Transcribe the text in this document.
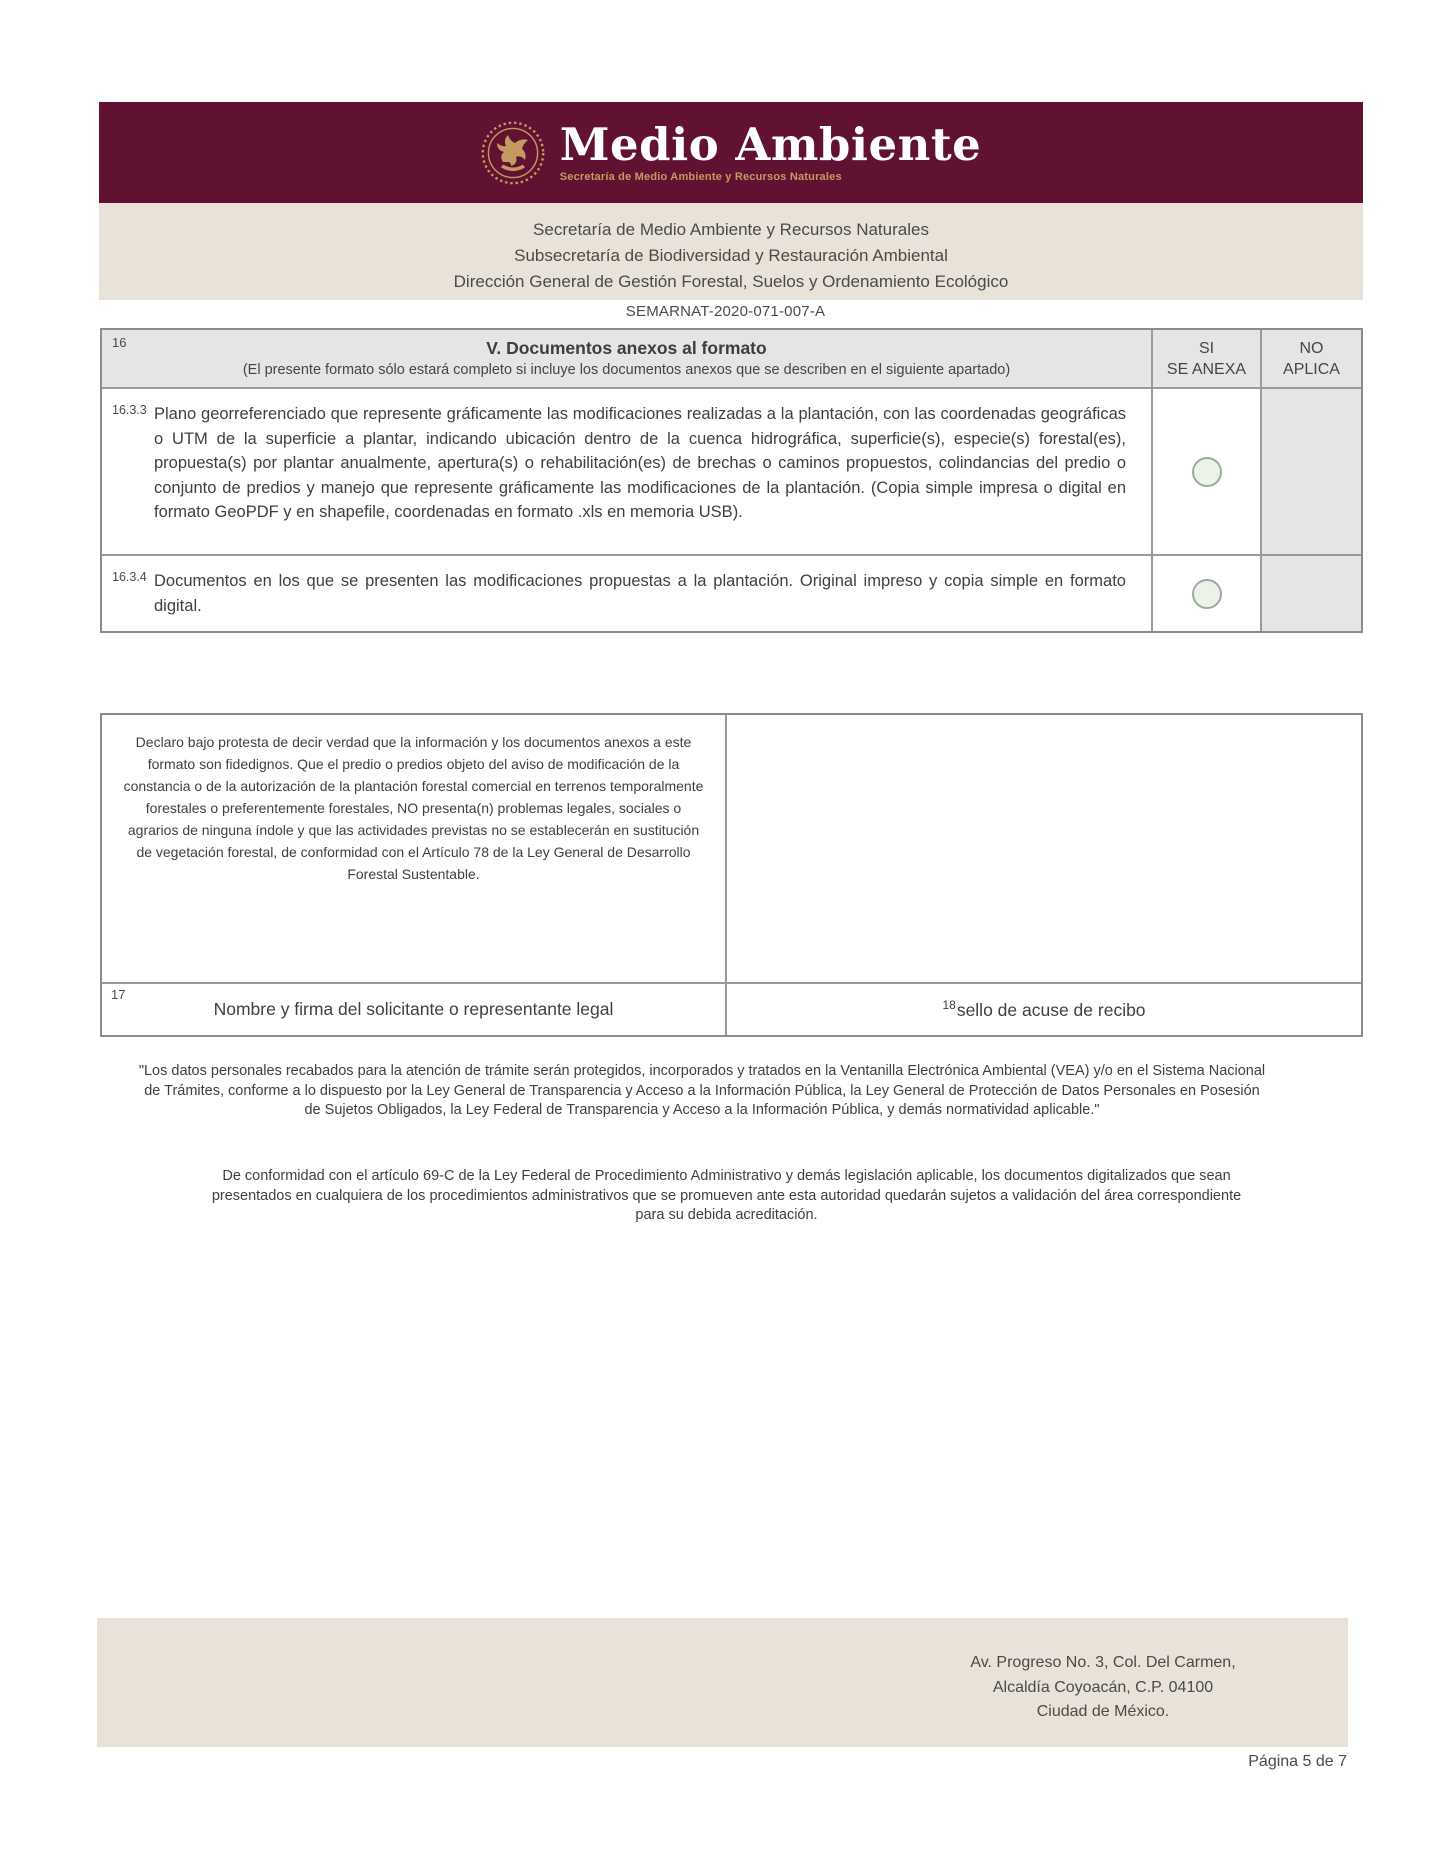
Medio Ambiente
Secretaría de Medio Ambiente y Recursos Naturales
Secretaría de Medio Ambiente y Recursos Naturales
Subsecretaría de Biodiversidad y Restauración Ambiental
Dirección General de Gestión Forestal, Suelos y Ordenamiento Ecológico
SEMARNAT-2020-071-007-A
16	V. Documentos anexos al formato
(El presente formato sólo estará completo si incluye los documentos anexos que se describen en el siguiente apartado)
SI
SE ANEXA
NO
APLICA
16.3.3 Plano georreferenciado que represente gráficamente las modificaciones realizadas a la plantación, con las coordenadas geográficas o UTM de la superficie a plantar, indicando ubicación dentro de la cuenca hidrográfica, superficie(s), especie(s) forestal(es), propuesta(s) por plantar anualmente, apertura(s) o rehabilitación(es) de brechas o caminos propuestos, colindancias del predio o conjunto de predios y manejo que represente gráficamente las modificaciones de la plantación. (Copia simple impresa o digital en formato GeoPDF y en shapefile, coordenadas en formato .xls en memoria USB).
16.3.4 Documentos en los que se presenten las modificaciones propuestas a la plantación. Original impreso y copia simple en formato digital.
Declaro bajo protesta de decir verdad que la información y los documentos anexos a este formato son fidedignos. Que el predio o predios objeto del aviso de modificación de la constancia o de la autorización de la plantación forestal comercial en terrenos temporalmente forestales o preferentemente forestales, NO presenta(n) problemas legales, sociales o agrarios de ninguna índole y que las actividades previstas no se establecerán en sustitución de vegetación forestal, de conformidad con el Artículo 78 de la Ley General de Desarrollo Forestal Sustentable.
17
Nombre y firma del solicitante o representante legal	$^{18}$sello de acuse de recibo
"Los datos personales recabados para la atención de trámite serán protegidos, incorporados y tratados en la Ventanilla Electrónica Ambiental (VEA) y/o en el Sistema Nacional de Trámites, conforme a lo dispuesto por la Ley General de Transparencia y Acceso a la Información Pública, la Ley General de Protección de Datos Personales en Posesión de Sujetos Obligados, la Ley Federal de Transparencia y Acceso a la Información Pública, y demás normatividad aplicable."
De conformidad con el artículo 69-C de la Ley Federal de Procedimiento Administrativo y demás legislación aplicable, los documentos digitalizados que sean presentados en cualquiera de los procedimientos administrativos que se promueven ante esta autoridad quedarán sujetos a validación del área correspondiente para su debida acreditación.
Av. Progreso No. 3, Col. Del Carmen,
Alcaldía Coyoacán, C.P. 04100
Ciudad de México.
Página 5 de 7
